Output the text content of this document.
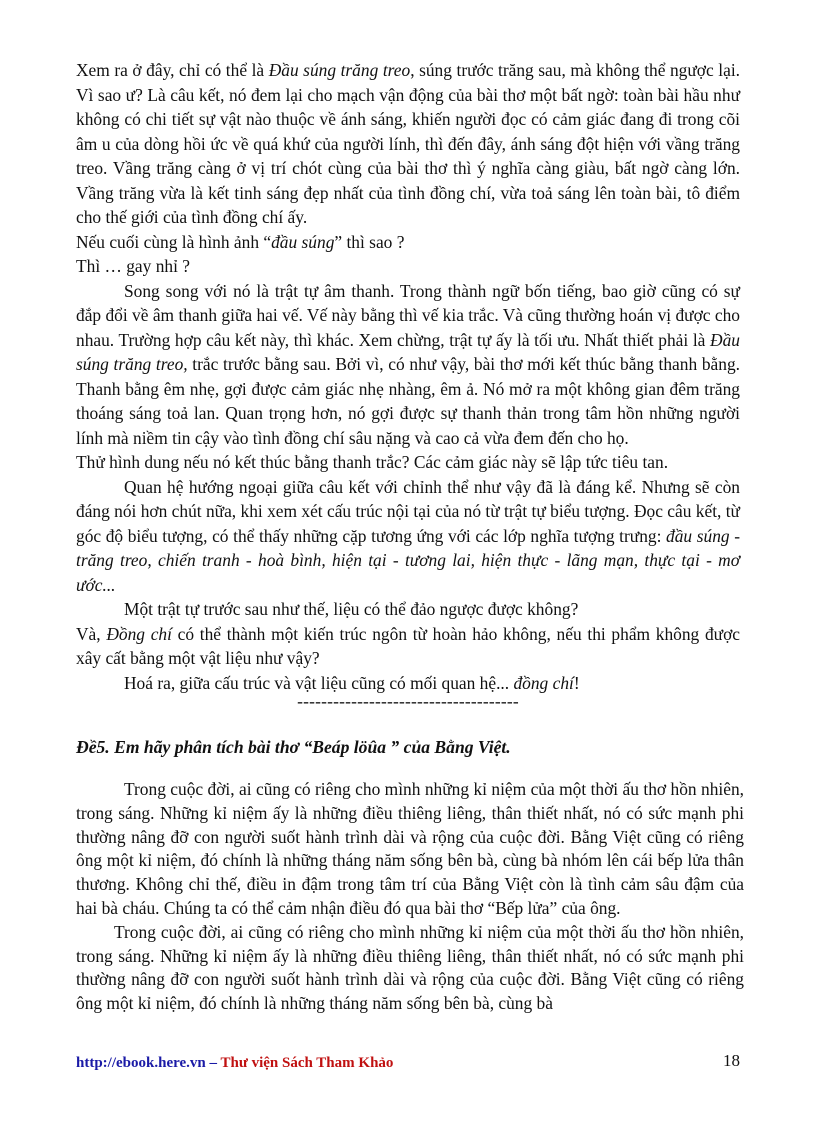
Xem ra ở đây, chỉ có thể là Đầu súng trăng treo, súng trước trăng sau, mà không thể ngược lại. Vì sao ư? Là câu kết, nó đem lại cho mạch vận động của bài thơ một bất ngờ: toàn bài hầu như không có chi tiết sự vật nào thuộc về ánh sáng, khiến người đọc có cảm giác đang đi trong cõi âm u của dòng hồi ức về quá khứ của người lính, thì đến đây, ánh sáng đột hiện với vầng trăng treo. Vầng trăng càng ở vị trí chót cùng của bài thơ thì ý nghĩa càng giàu, bất ngờ càng lớn. Vầng trăng vừa là kết tinh sáng đẹp nhất của tình đồng chí, vừa toả sáng lên toàn bài, tô điểm cho thế giới của tình đồng chí ấy.

Nếu cuối cùng là hình ảnh “đầu súng” thì sao ?

Thì … gay nhỉ ?

Song song với nó là trật tự âm thanh. Trong thành ngữ bốn tiếng, bao giờ cũng có sự đắp đổi về âm thanh giữa hai vế. Vế này bằng thì vế kia trắc. Và cũng thường hoán vị được cho nhau. Trường hợp câu kết này, thì khác. Xem chừng, trật tự ấy là tối ưu. Nhất thiết phải là Đầu súng trăng treo, trắc trước bằng sau. Bởi vì, có như vậy, bài thơ mới kết thúc bằng thanh bằng. Thanh bằng êm nhẹ, gợi được cảm giác nhẹ nhàng, êm ả. Nó mở ra một không gian đêm trăng thoáng sáng toả lan. Quan trọng hơn, nó gợi được sự thanh thản trong tâm hồn những người lính mà niềm tin cậy vào tình đồng chí sâu nặng và cao cả vừa đem đến cho họ.

Thử hình dung nếu nó kết thúc bằng thanh trắc? Các cảm giác này sẽ lập tức tiêu tan.

Quan hệ hướng ngoại giữa câu kết với chỉnh thể như vậy đã là đáng kể. Nhưng sẽ còn đáng nói hơn chút nữa, khi xem xét cấu trúc nội tại của nó từ trật tự biểu tượng. Đọc câu kết, từ góc độ biểu tượng, có thể thấy những cặp tương ứng với các lớp nghĩa tượng trưng: đầu súng - trăng treo, chiến tranh - hoà bình, hiện tại - tương lai, hiện thực - lãng mạn, thực tại - mơ ước...

Một trật tự trước sau như thế, liệu có thể đảo ngược được không?

Và, Đồng chí có thể thành một kiến trúc ngôn từ hoàn hảo không, nếu thi phẩm không được xây cất bằng một vật liệu như vậy?

Hoá ra, giữa cấu trúc và vật liệu cũng có mối quan hệ... đồng chí!

-------------------------------------
Đề5. Em hãy phân tích bài thơ “Beáp löûa ” của Bằng Việt.

Trong cuộc đời, ai cũng có riêng cho mình những kỉ niệm của một thời ấu thơ hồn nhiên, trong sáng. Những kỉ niệm ấy là những điều thiêng liêng, thân thiết nhất, nó có sức mạnh phi thường nâng đỡ con người suốt hành trình dài và rộng của cuộc đời. Bằng Việt cũng có riêng ông một kỉ niệm, đó chính là những tháng năm sống bên bà, cùng bà nhóm lên cái bếp lửa thân thương. Không chỉ thế, điều in đậm trong tâm trí của Bằng Việt còn là tình cảm sâu đậm của hai bà cháu. Chúng ta có thể cảm nhận điều đó qua bài thơ “Bếp lửa” của ông.

Trong cuộc đời, ai cũng có riêng cho mình những kỉ niệm của một thời ấu thơ hồn nhiên, trong sáng. Những kỉ niệm ấy là những điều thiêng liêng, thân thiết nhất, nó có sức mạnh phi thường nâng đỡ con người suốt hành trình dài và rộng của cuộc đời. Bằng Việt cũng có riêng ông một kỉ niệm, đó chính là những tháng năm sống bên bà, cùng bà

http://ebook.here.vn – Thư viện Sách Tham Khảo	18
